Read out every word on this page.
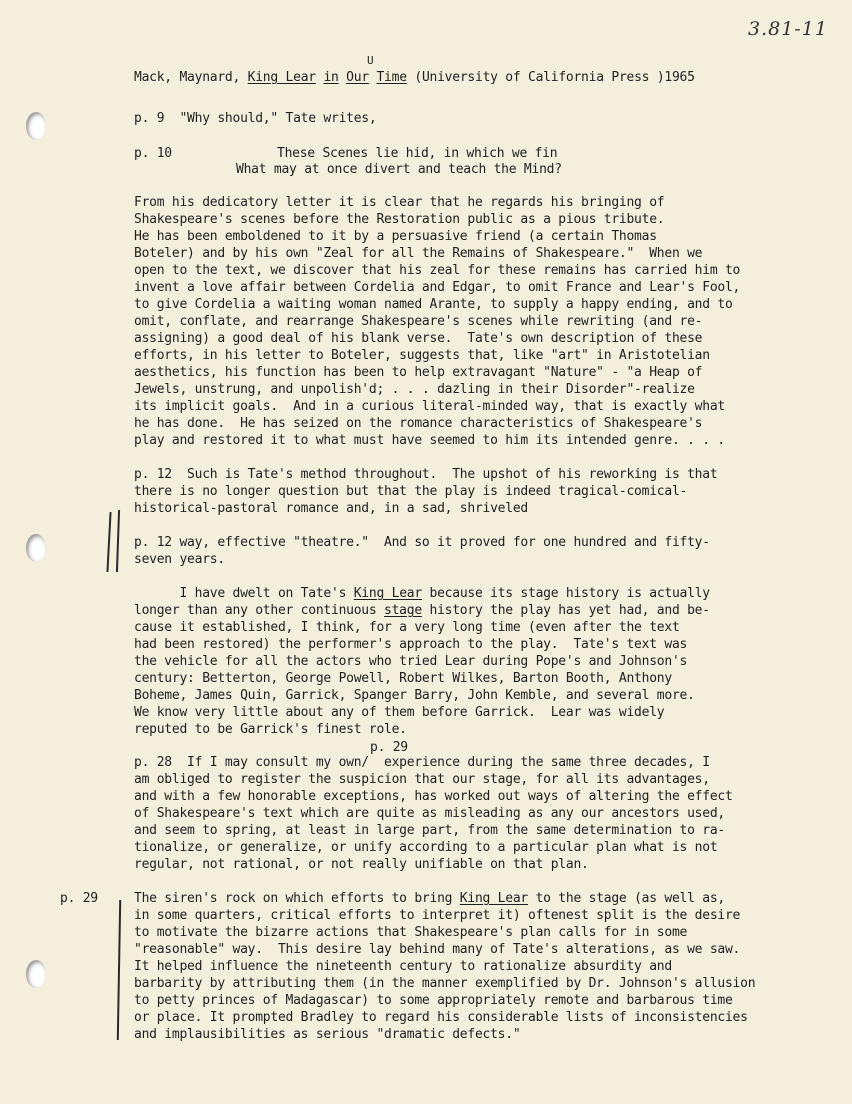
3.81-11
Mack, Maynard, King Lear in Our Time (University of California Press )1965
U
p. 9  "Why should," Tate writes,
p. 10	These Scenes lie hid, in which we fin
What may at once divert and teach the Mind?
From his dedicatory letter it is clear that he regards his bringing of
Shakespeare's scenes before the Restoration public as a pious tribute.
He has been emboldened to it by a persuasive friend (a certain Thomas
Boteler) and by his own "Zeal for all the Remains of Shakespeare."  When we
open to the text, we discover that his zeal for these remains has carried him to
invent a love affair between Cordelia and Edgar, to omit France and Lear's Fool,
to give Cordelia a waiting woman named Arante, to supply a happy ending, and to
omit, conflate, and rearrange Shakespeare's scenes while rewriting (and re-
assigning) a good deal of his blank verse.  Tate's own description of these
efforts, in his letter to Boteler, suggests that, like "art" in Aristotelian
aesthetics, his function has been to help extravagant "Nature" - "a Heap of
Jewels, unstrung, and unpolish'd; . . . dazling in their Disorder"-realize
its implicit goals.  And in a curious literal-minded way, that is exactly what
he has done.  He has seized on the romance characteristics of Shakespeare's
play and restored it to what must have seemed to him its intended genre. . . .
p. 12  Such is Tate's method throughout.  The upshot of his reworking is that
there is no longer question but that the play is indeed tragical-comical-
historical-pastoral romance and, in a sad, shriveled
p. 12 way, effective "theatre."  And so it proved for one hundred and fifty-
seven years.
I have dwelt on Tate's King Lear because its stage history is actually
longer than any other continuous stage history the play has yet had, and be-
cause it established, I think, for a very long time (even after the text
had been restored) the performer's approach to the play.  Tate's text was
the vehicle for all the actors who tried Lear during Pope's and Johnson's
century: Betterton, George Powell, Robert Wilkes, Barton Booth, Anthony
Boheme, James Quin, Garrick, Spanger Barry, John Kemble, and several more.
We know very little about any of them before Garrick.  Lear was widely
reputed to be Garrick's finest role.
p. 29
p. 28  If I may consult my own/  experience during the same three decades, I
am obliged to register the suspicion that our stage, for all its advantages,
and with a few honorable exceptions, has worked out ways of altering the effect
of Shakespeare's text which are quite as misleading as any our ancestors used,
and seem to spring, at least in large part, from the same determination to ra-
tionalize, or generalize, or unify according to a particular plan what is not
regular, not rational, or not really unifiable on that plan.
p. 29	The siren's rock on which efforts to bring King Lear to the stage (as well as,
in some quarters, critical efforts to interpret it) oftenest split is the desire
to motivate the bizarre actions that Shakespeare's plan calls for in some
"reasonable" way.  This desire lay behind many of Tate's alterations, as we saw.
It helped influence the nineteenth century to rationalize absurdity and
barbarity by attributing them (in the manner exemplified by Dr. Johnson's allusion
to petty princes of Madagascar) to some appropriately remote and barbarous time
or place. It prompted Bradley to regard his considerable lists of inconsistencies
and implausibilities as serious "dramatic defects."
